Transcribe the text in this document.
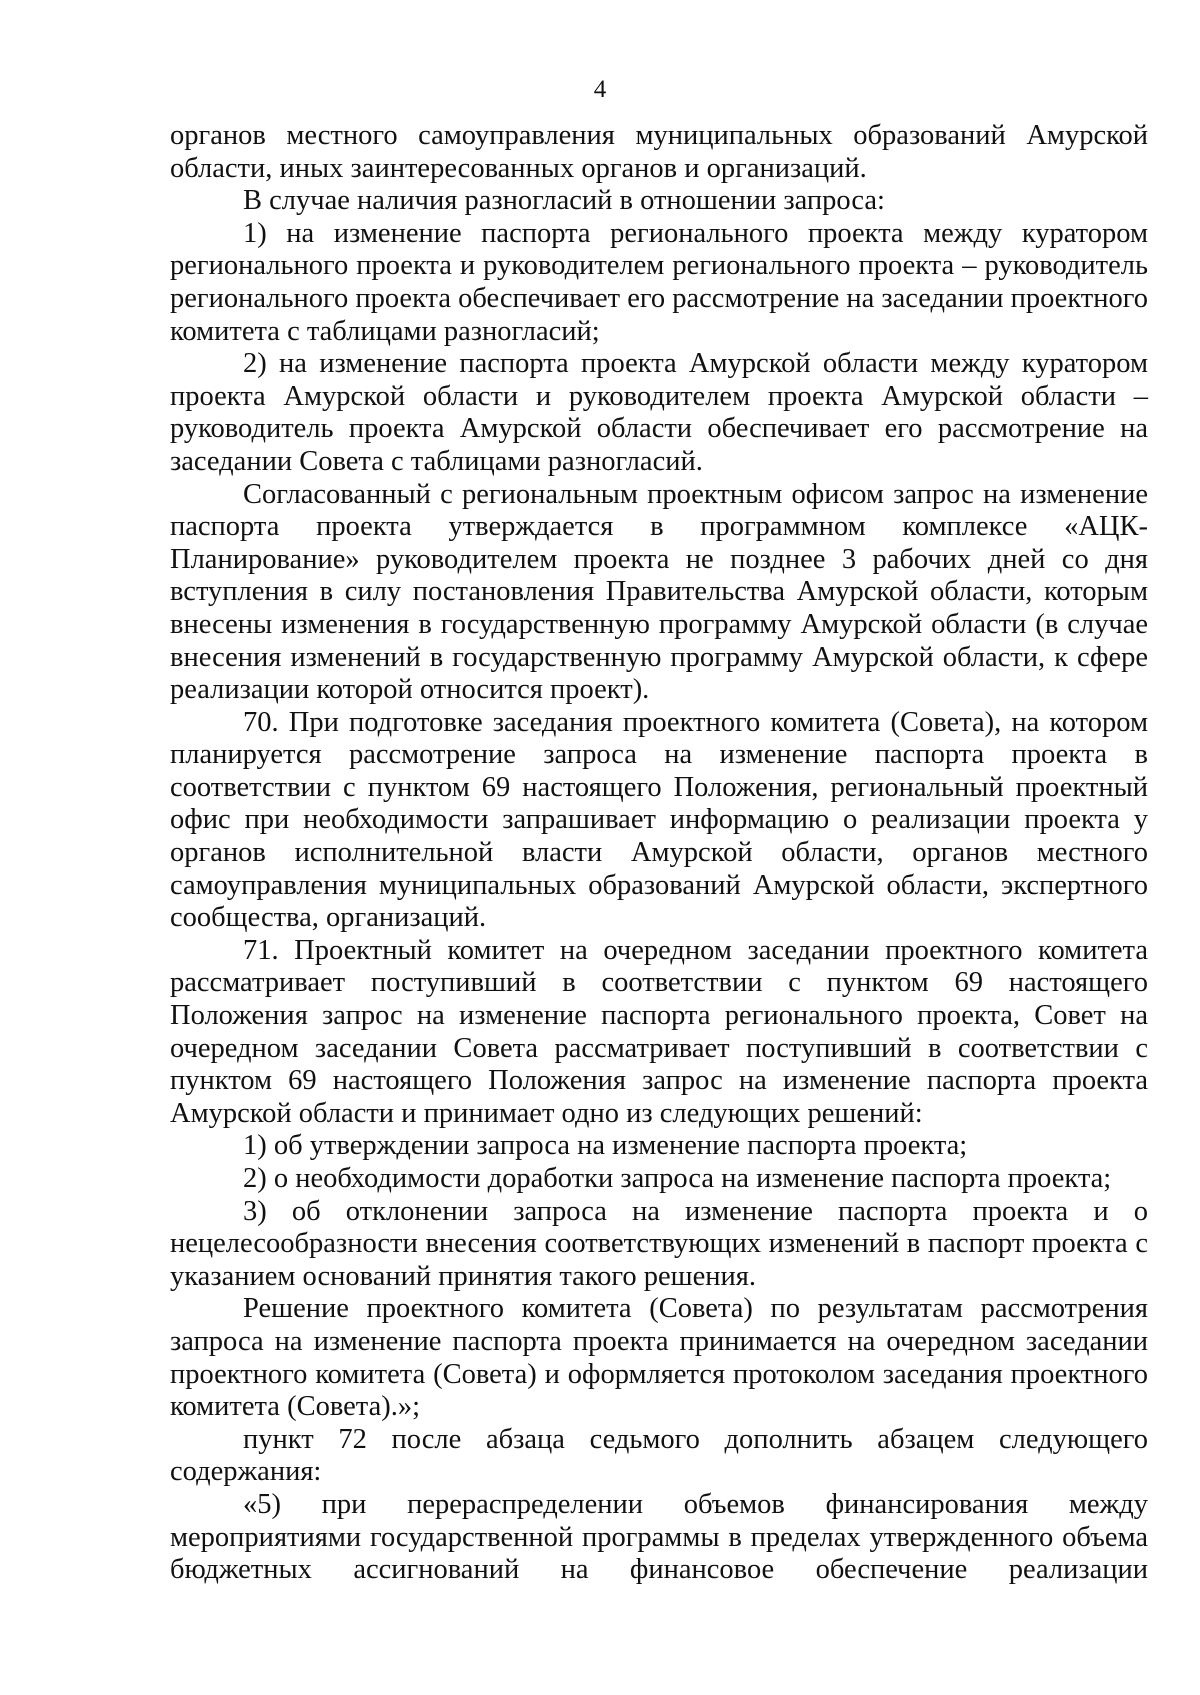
4

органов местного самоуправления муниципальных образований Амурской области, иных заинтересованных органов и организаций.

В случае наличия разногласий в отношении запроса:

1) на изменение паспорта регионального проекта между куратором регионального проекта и руководителем регионального проекта – руководитель регионального проекта обеспечивает его рассмотрение на заседании проектного комитета с таблицами разногласий;

2) на изменение паспорта проекта Амурской области между куратором проекта Амурской области и руководителем проекта Амурской области – руководитель проекта Амурской области обеспечивает его рассмотрение на заседании Совета с таблицами разногласий.

Согласованный с региональным проектным офисом запрос на изменение паспорта проекта утверждается в программном комплексе «АЦК-Планирование» руководителем проекта не позднее 3 рабочих дней со дня вступления в силу постановления Правительства Амурской области, которым внесены изменения в государственную программу Амурской области (в случае внесения изменений в государственную программу Амурской области, к сфере реализации которой относится проект).

70. При подготовке заседания проектного комитета (Совета), на котором планируется рассмотрение запроса на изменение паспорта проекта в соответствии с пунктом 69 настоящего Положения, региональный проектный офис при необходимости запрашивает информацию о реализации проекта у органов исполнительной власти Амурской области, органов местного самоуправления муниципальных образований Амурской области, экспертного сообщества, организаций.

71. Проектный комитет на очередном заседании проектного комитета рассматривает поступивший в соответствии с пунктом 69 настоящего Положения запрос на изменение паспорта регионального проекта, Совет на очередном заседании Совета рассматривает поступивший в соответствии с пунктом 69 настоящего Положения запрос на изменение паспорта проекта Амурской области и принимает одно из следующих решений:

1) об утверждении запроса на изменение паспорта проекта;

2) о необходимости доработки запроса на изменение паспорта проекта;

3) об отклонении запроса на изменение паспорта проекта и о нецелесообразности внесения соответствующих изменений в паспорт проекта с указанием оснований принятия такого решения.

Решение проектного комитета (Совета) по результатам рассмотрения запроса на изменение паспорта проекта принимается на очередном заседании проектного комитета (Совета) и оформляется протоколом заседания проектного комитета (Совета).»;

пункт 72 после абзаца седьмого дополнить абзацем следующего содержания:

«5) при перераспределении объемов финансирования между мероприятиями государственной программы в пределах утвержденного объема бюджетных ассигнований на финансовое обеспечение реализации
